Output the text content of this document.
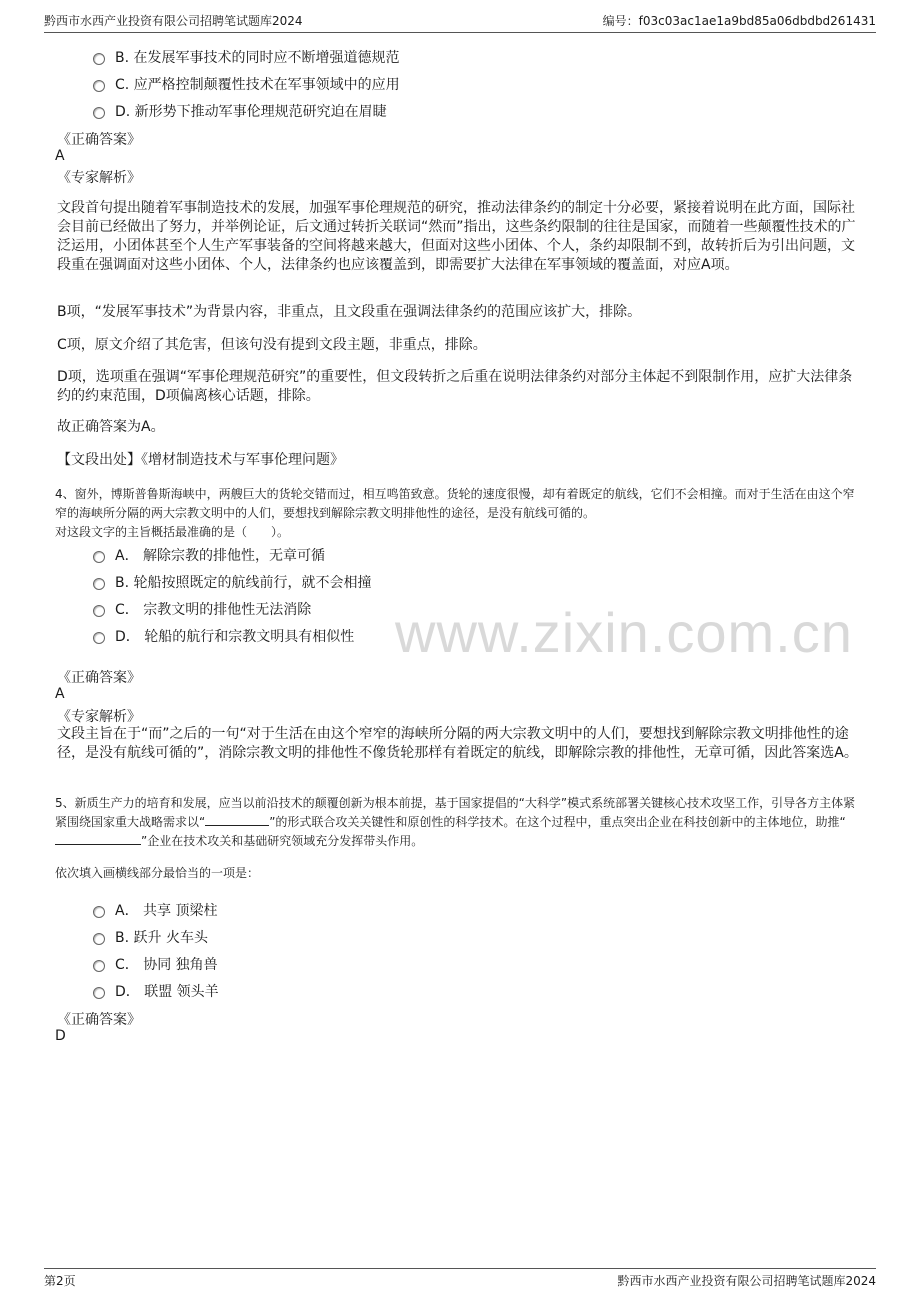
黔西市水西产业投资有限公司招聘笔试题库2024	编号：f03c03ac1ae1a9bd85a06dbdbd261431
www.zixin.com.cn
B. 在发展军事技术的同时应不断增强道德规范
C. 应严格控制颠覆性技术在军事领域中的应用
D. 新形势下推动军事伦理规范研究迫在眉睫
《正确答案》
A
《专家解析》
文段首句提出随着军事制造技术的发展，加强军事伦理规范的研究，推动法律条约的制定十分必要，紧接着说明在此方面，国际社会目前已经做出了努力，并举例论证，后文通过转折关联词“然而”指出，这些条约限制的往往是国家，而随着一些颠覆性技术的广泛运用，小团体甚至个人生产军事装备的空间将越来越大，但面对这些小团体、个人，条约却限制不到，故转折后为引出问题，文段重在强调面对这些小团体、个人，法律条约也应该覆盖到，即需要扩大法律在军事领域的覆盖面，对应A项。
B项，“发展军事技术”为背景内容，非重点，且文段重在强调法律条约的范围应该扩大，排除。
C项，原文介绍了其危害，但该句没有提到文段主题，非重点，排除。
D项，选项重在强调“军事伦理规范研究”的重要性，但文段转折之后重在说明法律条约对部分主体起不到限制作用，应扩大法律条约的约束范围，D项偏离核心话题，排除。
故正确答案为A。
【文段出处】《增材制造技术与军事伦理问题》
4、窗外，博斯普鲁斯海峡中，两艘巨大的货轮交错而过，相互鸣笛致意。货轮的速度很慢，却有着既定的航线，它们不会相撞。而对于生活在由这个窄窄的海峡所分隔的两大宗教文明中的人们，要想找到解除宗教文明排他性的途径，是没有航线可循的。
对这段文字的主旨概括最准确的是（　　）。
A． 解除宗教的排他性，无章可循
B. 轮船按照既定的航线前行，就不会相撞
C． 宗教文明的排他性无法消除
D． 轮船的航行和宗教文明具有相似性
《正确答案》
A
《专家解析》
文段主旨在于“而”之后的一句“对于生活在由这个窄窄的海峡所分隔的两大宗教文明中的人们，要想找到解除宗教文明排他性的途径，是没有航线可循的”，消除宗教文明的排他性不像货轮那样有着既定的航线，即解除宗教的排他性，无章可循，因此答案选A。
5、新质生产力的培育和发展，应当以前沿技术的颠覆创新为根本前提，基于国家提倡的“大科学”模式系统部署关键核心技术攻坚工作，引导各方主体紧紧围绕国家重大战略需求以“	”的形式联合攻关关键性和原创性的科学技术。在这个过程中，重点突出企业在科技创新中的主体地位，助推“”企业在技术攻关和基础研究领域充分发挥带头作用。
依次填入画横线部分最恰当的一项是：
A． 共享 顶梁柱
B. 跃升 火车头
C． 协同 独角兽
D． 联盟 领头羊
《正确答案》
D
第2页	黔西市水西产业投资有限公司招聘笔试题库2024
